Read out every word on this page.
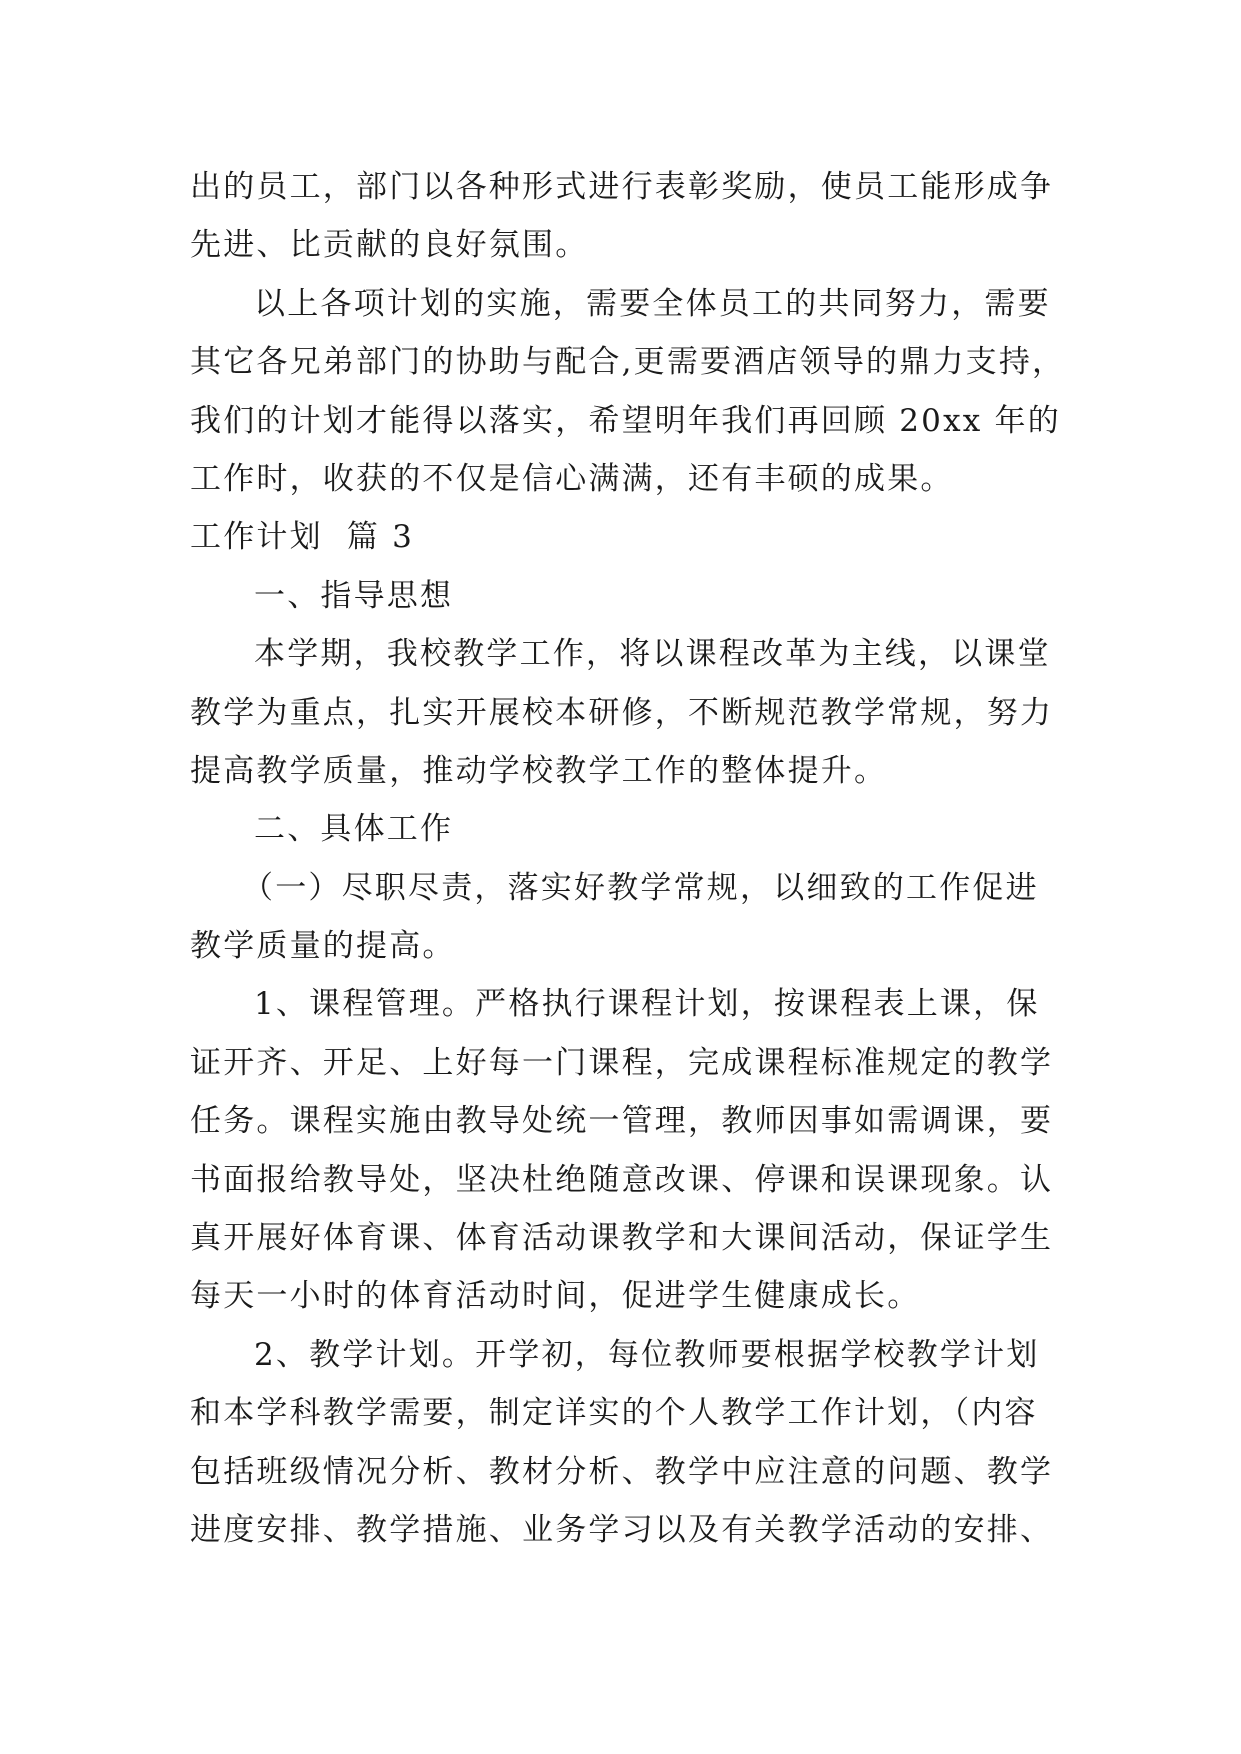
出的员工，部门以各种形式进行表彰奖励，使员工能形成争
先进、比贡献的良好氛围。
以上各项计划的实施，需要全体员工的共同努力，需要
其它各兄弟部门的协助与配合,更需要酒店领导的鼎力支持，
我们的计划才能得以落实，希望明年我们再回顾 20xx 年的
工作时，收获的不仅是信心满满，还有丰硕的成果。
工作计划  篇 3
一、指导思想
本学期，我校教学工作，将以课程改革为主线，以课堂
教学为重点，扎实开展校本研修，不断规范教学常规，努力
提高教学质量，推动学校教学工作的整体提升。
二、具体工作
（一）尽职尽责，落实好教学常规，以细致的工作促进
教学质量的提高。
1、课程管理。严格执行课程计划，按课程表上课，保
证开齐、开足、上好每一门课程，完成课程标准规定的教学
任务。课程实施由教导处统一管理，教师因事如需调课，要
书面报给教导处，坚决杜绝随意改课、停课和误课现象。认
真开展好体育课、体育活动课教学和大课间活动，保证学生
每天一小时的体育活动时间，促进学生健康成长。
2、教学计划。开学初，每位教师要根据学校教学计划
和本学科教学需要，制定详实的个人教学工作计划，（内容
包括班级情况分析、教材分析、教学中应注意的问题、教学
进度安排、教学措施、业务学习以及有关教学活动的安排、
